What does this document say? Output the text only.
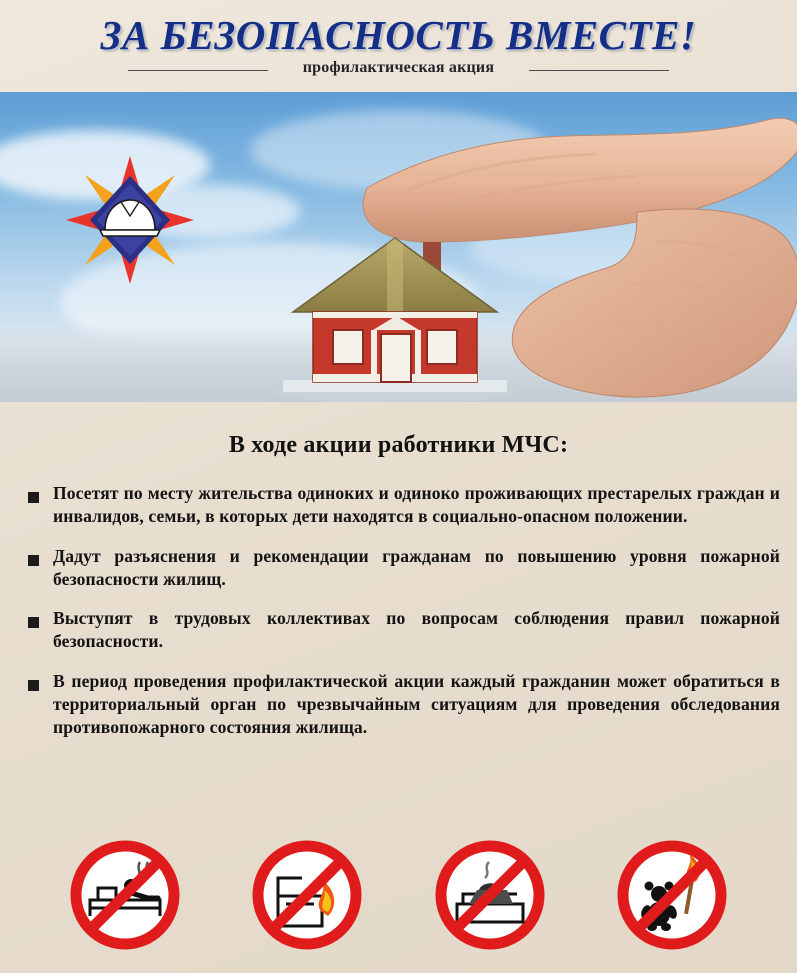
ЗА БЕЗОПАСНОСТЬ ВМЕСТЕ!
профилактическая акция
В ходе акции работники МЧС:
Посетят по месту жительства одиноких и одиноко проживающих престарелых граждан и инвалидов, семьи, в которых дети находятся в социально-опасном положении.
Дадут разъяснения и рекомендации гражданам по повышению уровня пожарной безопасности жилищ.
Выступят в трудовых коллективах по вопросам соблюдения правил пожарной безопасности.
В период проведения профилактической акции каждый гражданин может обратиться в территориальный орган по чрезвычайным ситуациям для проведения обследования противопожарного состояния жилища.
